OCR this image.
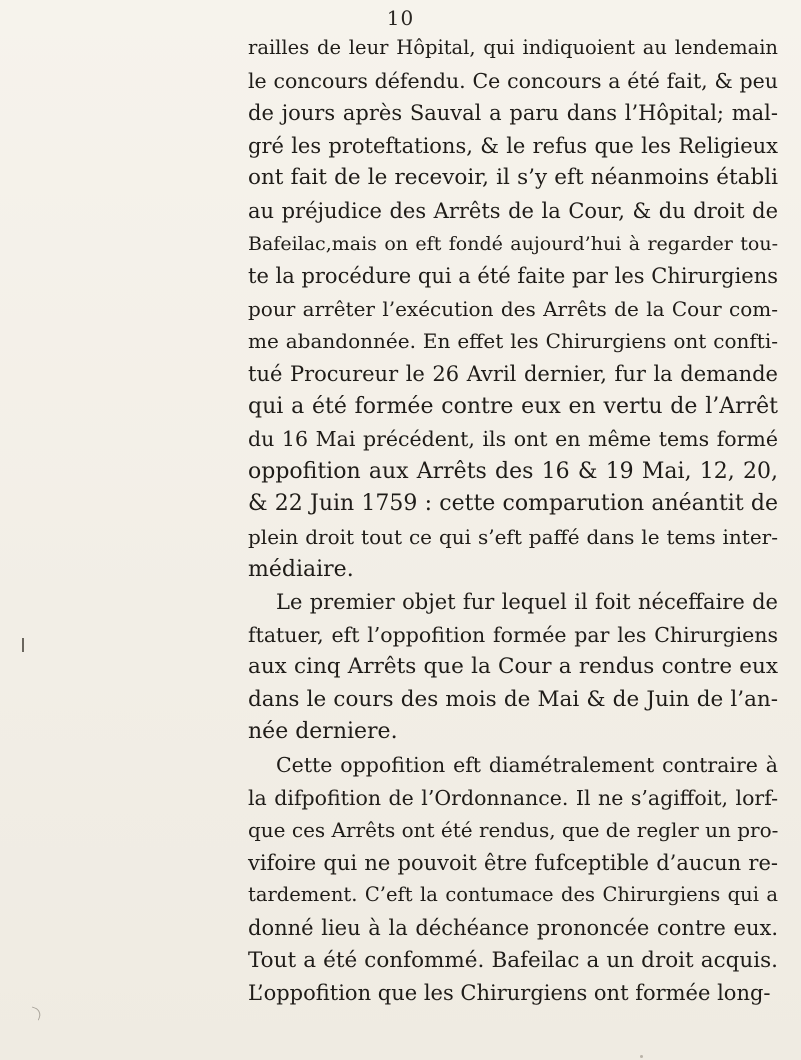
10
railles de leur Hôpital, qui indiquoient au lendemain
le concours défendu. Ce concours a été fait, & peu
de jours après Sauval a paru dans l’Hôpital; mal-
gré les proteftations, & le refus que les Religieux
ont fait de le recevoir, il s’y eft néanmoins établi
au préjudice des Arrêts de la Cour, & du droit de
Bafeilac,mais on eft fondé aujourd’hui à regarder tou-
te la procédure qui a été faite par les Chirurgiens
pour arrêter l’exécution des Arrêts de la Cour com-
me abandonnée. En effet les Chirurgiens ont confti-
tué Procureur le 26 Avril dernier, fur la demande
qui a été formée contre eux en vertu de l’Arrêt
du 16 Mai précédent, ils ont en même tems formé
oppofition aux Arrêts des 16 & 19 Mai, 12, 20,
& 22 Juin 1759 : cette comparution anéantit de
plein droit tout ce qui s’eft paffé dans le tems inter-
médiaire.
Le premier objet fur lequel il foit néceffaire de
ftatuer, eft l’oppofition formée par les Chirurgiens
aux cinq Arrêts que la Cour a rendus contre eux
dans le cours des mois de Mai & de Juin de l’an-
née derniere.
Cette oppofition eft diamétralement contraire à
la difpofition de l’Ordonnance. Il ne s’agiffoit, lorf-
que ces Arrêts ont été rendus, que de regler un pro-
vifoire qui ne pouvoit être fufceptible d’aucun re-
tardement. C’eft la contumace des Chirurgiens qui a
donné lieu à la déchéance prononcée contre eux.
Tout a été confommé. Bafeilac a un droit acquis.
L’oppofition que les Chirurgiens ont formée long-
